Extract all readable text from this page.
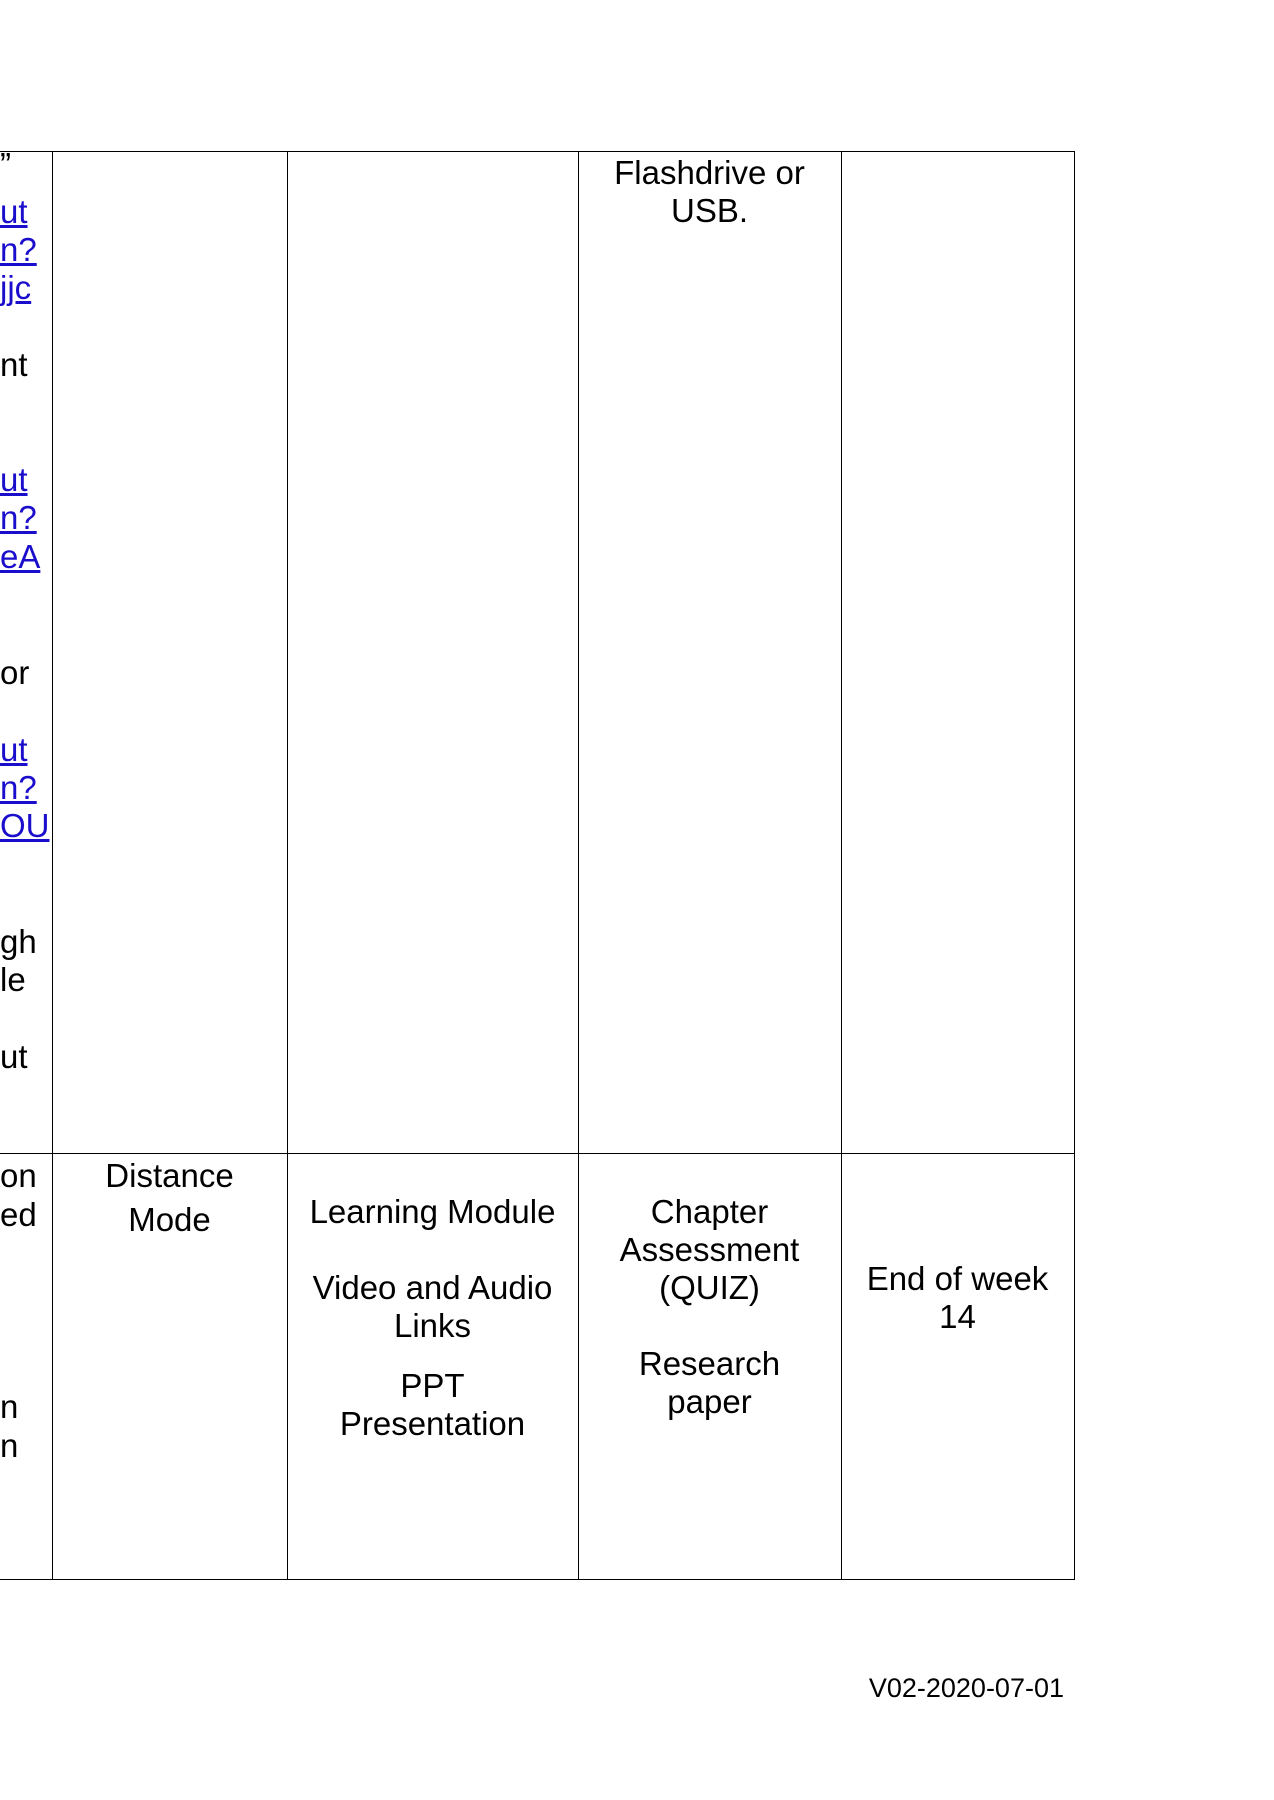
”
ut
n?
jjc
nt
ut
n?
eA
or
ut
n?
OU
gh
le
ut
on
ed
n
n
Flashdrive or
USB.
Distance
Mode	Learning Module
Video and Audio
Links
PPT
Presentation
Chapter
Assessment
(QUIZ)
Research
paper
End of week
14
V02-2020-07-01
